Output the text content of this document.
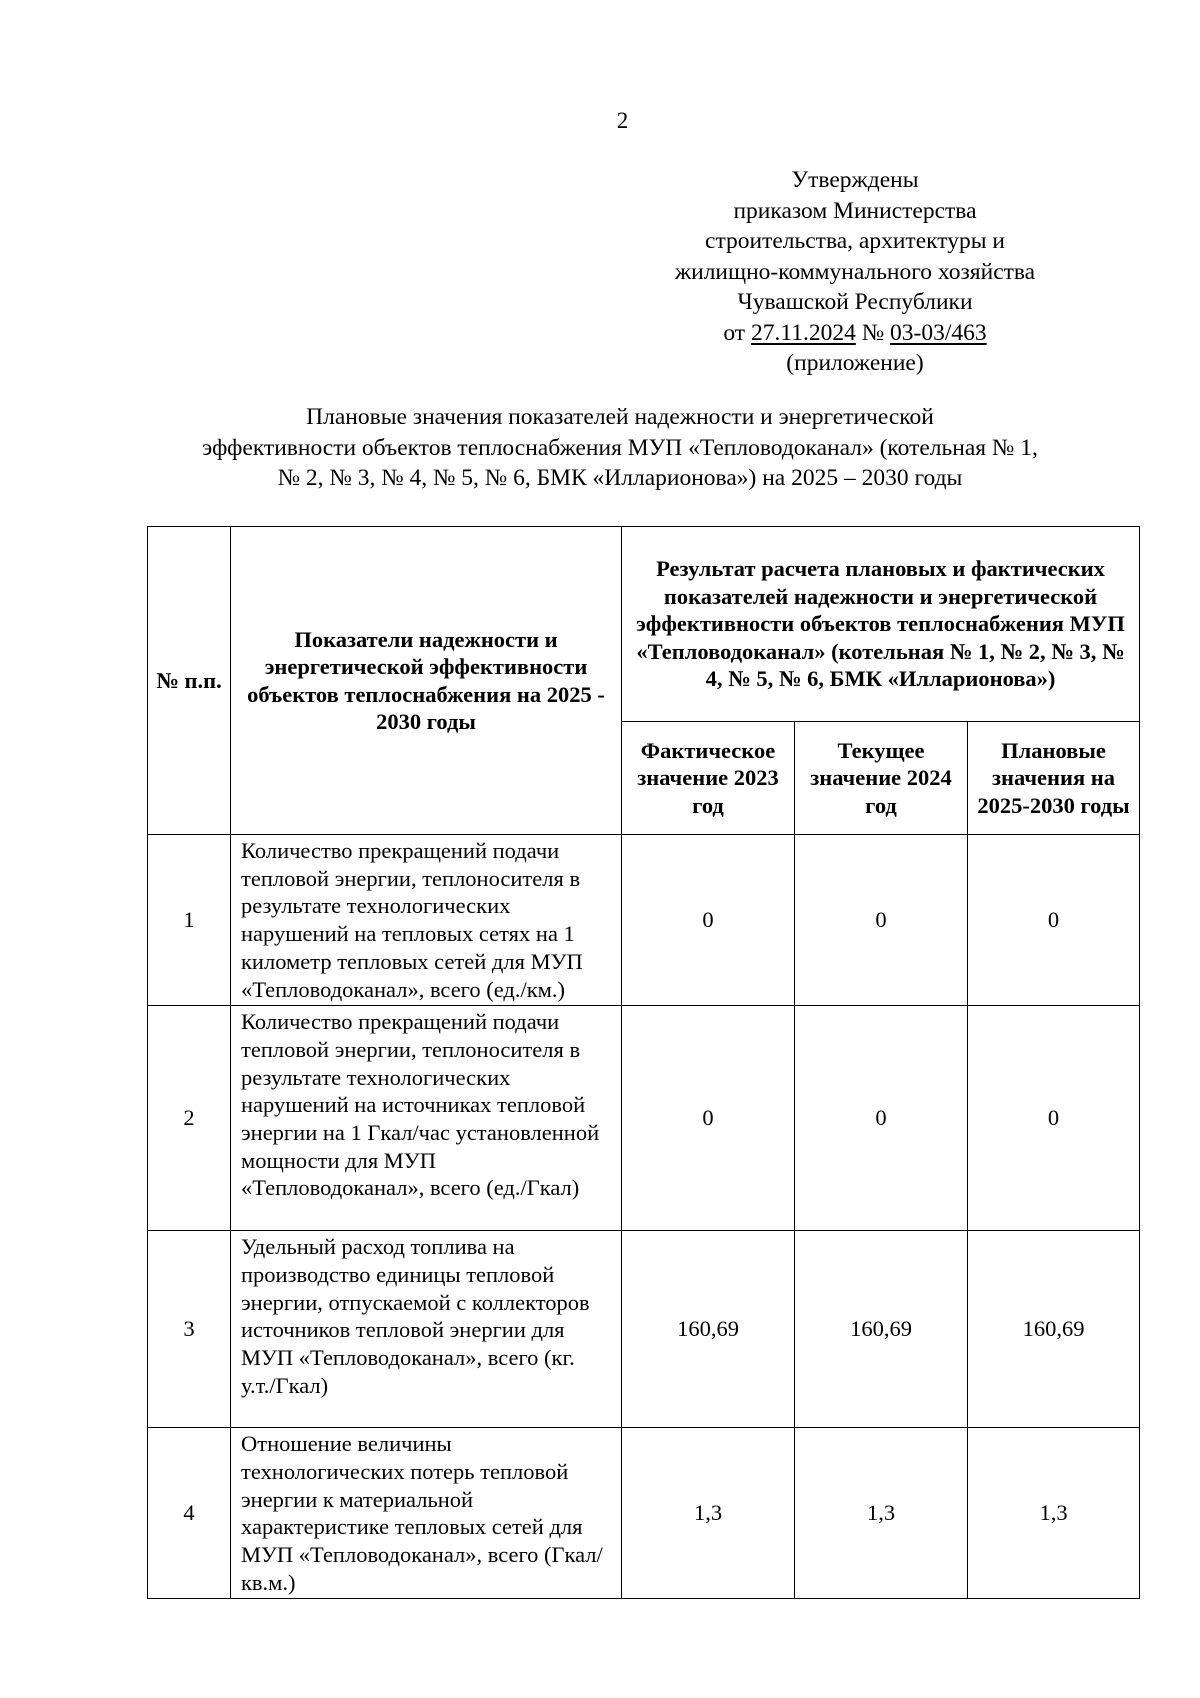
2
Утверждены
приказом Министерства
строительства, архитектуры и
жилищно-коммунального хозяйства
Чувашской Республики
от 27.11.2024 № 03-03/463
(приложение)
Плановые значения показателей надежности и энергетической
эффективности объектов теплоснабжения МУП «Тепловодоканал» (котельная № 1,
№ 2, № 3, № 4, № 5, № 6, БМК «Илларионова») на 2025 – 2030 годы
№ п.п.	Показатели надежности и энергетической эффективности объектов теплоснабжения на 2025 - 2030 годы	Результат расчета плановых и фактических показателей надежности и энергетической эффективности объектов теплоснабжения МУП «Тепловодоканал» (котельная № 1, № 2, № 3, № 4, № 5, № 6, БМК «Илларионова»)		
		Фактическое значение 2023 год	Текущее значение 2024 год	Плановые значения на 2025-2030 годы
1	Количество прекращений подачи тепловой энергии, теплоносителя в результате технологических нарушений на тепловых сетях на 1 километр тепловых сетей для МУП «Тепловодоканал», всего (ед./км.)	0	0	0
2	Количество прекращений подачи тепловой энергии, теплоносителя в результате технологических нарушений на источниках тепловой энергии на 1 Гкал/час установленной мощности для МУП «Тепловодоканал», всего (ед./Гкал)	0	0	0
3	Удельный расход топлива на производство единицы тепловой энергии, отпускаемой с коллекторов источников тепловой энергии для МУП «Тепловодоканал», всего (кг. у.т./Гкал)	160,69	160,69	160,69
4	Отношение величины технологических потерь тепловой энергии к материальной характеристике тепловых сетей для МУП «Тепловодоканал», всего (Гкал/кв.м.)	1,3	1,3	1,3
